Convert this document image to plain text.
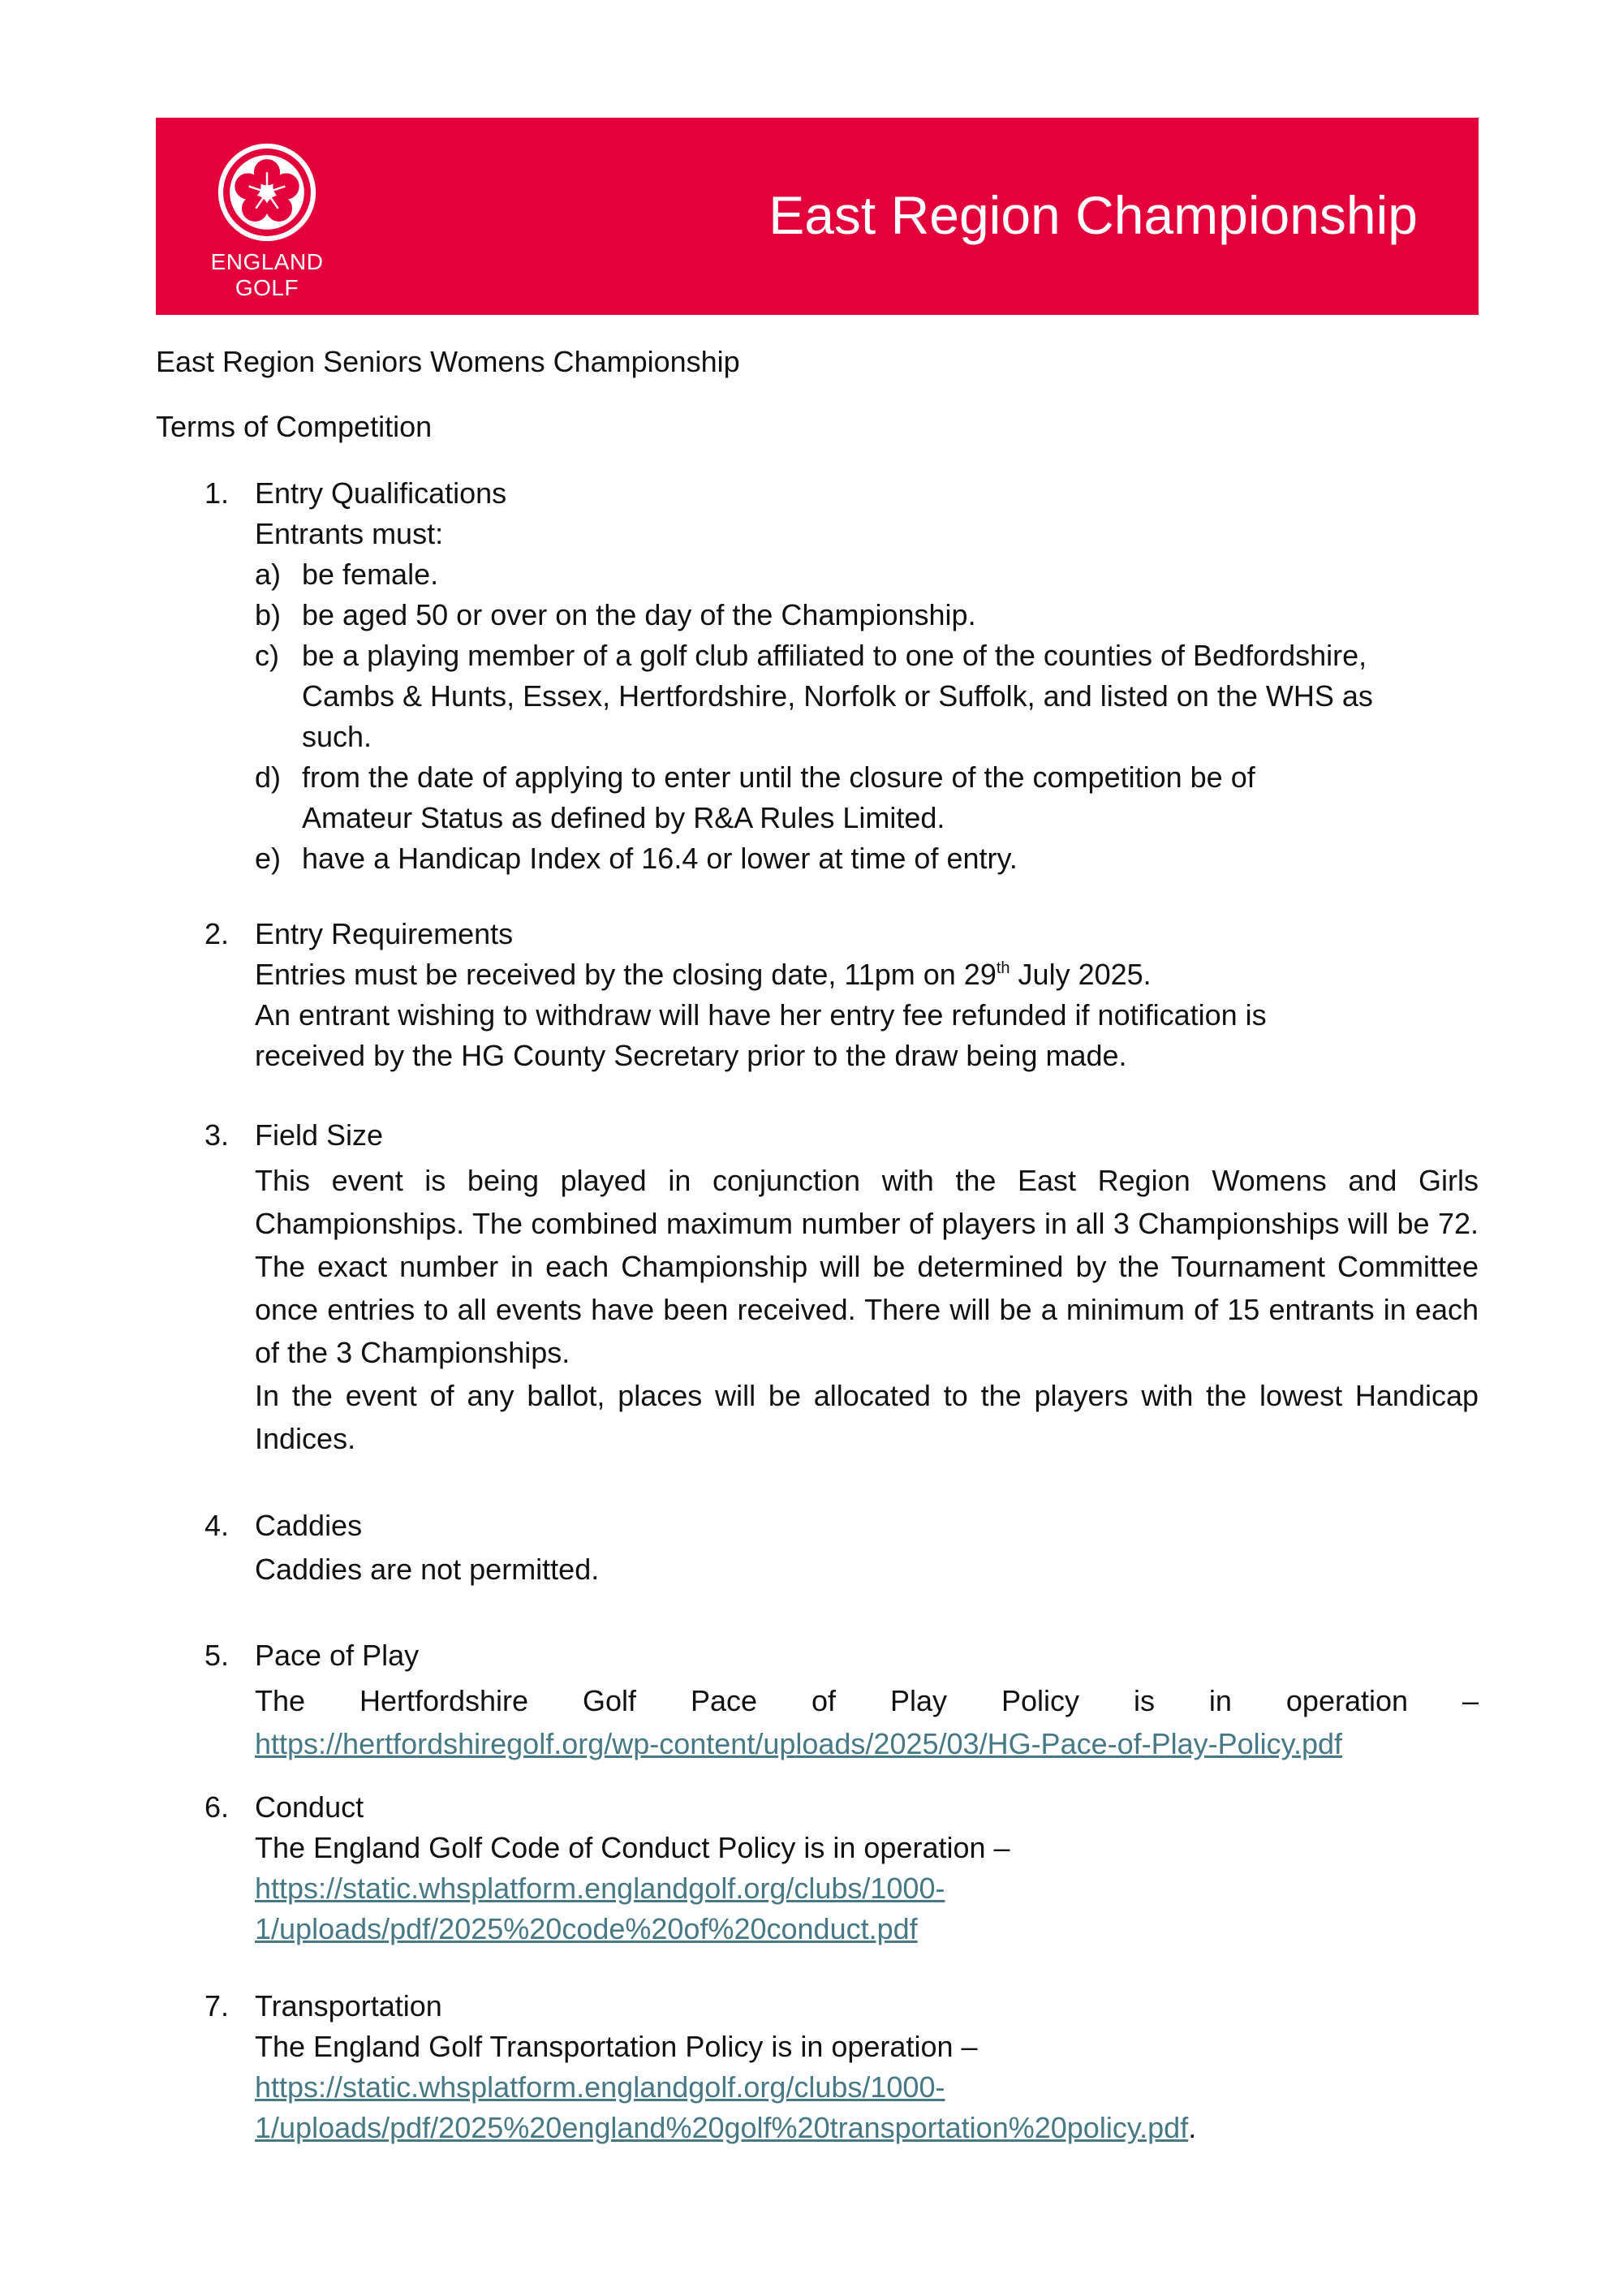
ENGLAND
GOLF
East Region Championship
East Region Seniors Womens Championship
Terms of Competition
1. Entry Qualifications
Entrants must:
a) be female.
b) be aged 50 or over on the day of the Championship.
c) be a playing member of a golf club affiliated to one of the counties of Bedfordshire,
Cambs & Hunts, Essex, Hertfordshire, Norfolk or Suffolk, and listed on the WHS as
such.
d) from the date of applying to enter until the closure of the competition be of
Amateur Status as defined by R&A Rules Limited.
e) have a Handicap Index of 16.4 or lower at time of entry.
2. Entry Requirements
Entries must be received by the closing date, 11pm on 29th July 2025.
An entrant wishing to withdraw will have her entry fee refunded if notification is
received by the HG County Secretary prior to the draw being made.
3. Field Size
This event is being played in conjunction with the East Region Womens and Girls Championships. The combined maximum number of players in all 3 Championships will be 72. The exact number in each Championship will be determined by the Tournament Committee once entries to all events have been received. There will be a minimum of 15 entrants in each of the 3 Championships.
In the event of any ballot, places will be allocated to the players with the lowest Handicap Indices.
4. Caddies
Caddies are not permitted.
5. Pace of Play
The Hertfordshire Golf Pace of Play Policy is in operation –
https://hertfordshiregolf.org/wp-content/uploads/2025/03/HG-Pace-of-Play-Policy.pdf
6. Conduct
The England Golf Code of Conduct Policy is in operation –
https://static.whsplatform.englandgolf.org/clubs/1000-
1/uploads/pdf/2025%20code%20of%20conduct.pdf
7. Transportation
The England Golf Transportation Policy is in operation –
https://static.whsplatform.englandgolf.org/clubs/1000-
1/uploads/pdf/2025%20england%20golf%20transportation%20policy.pdf.
